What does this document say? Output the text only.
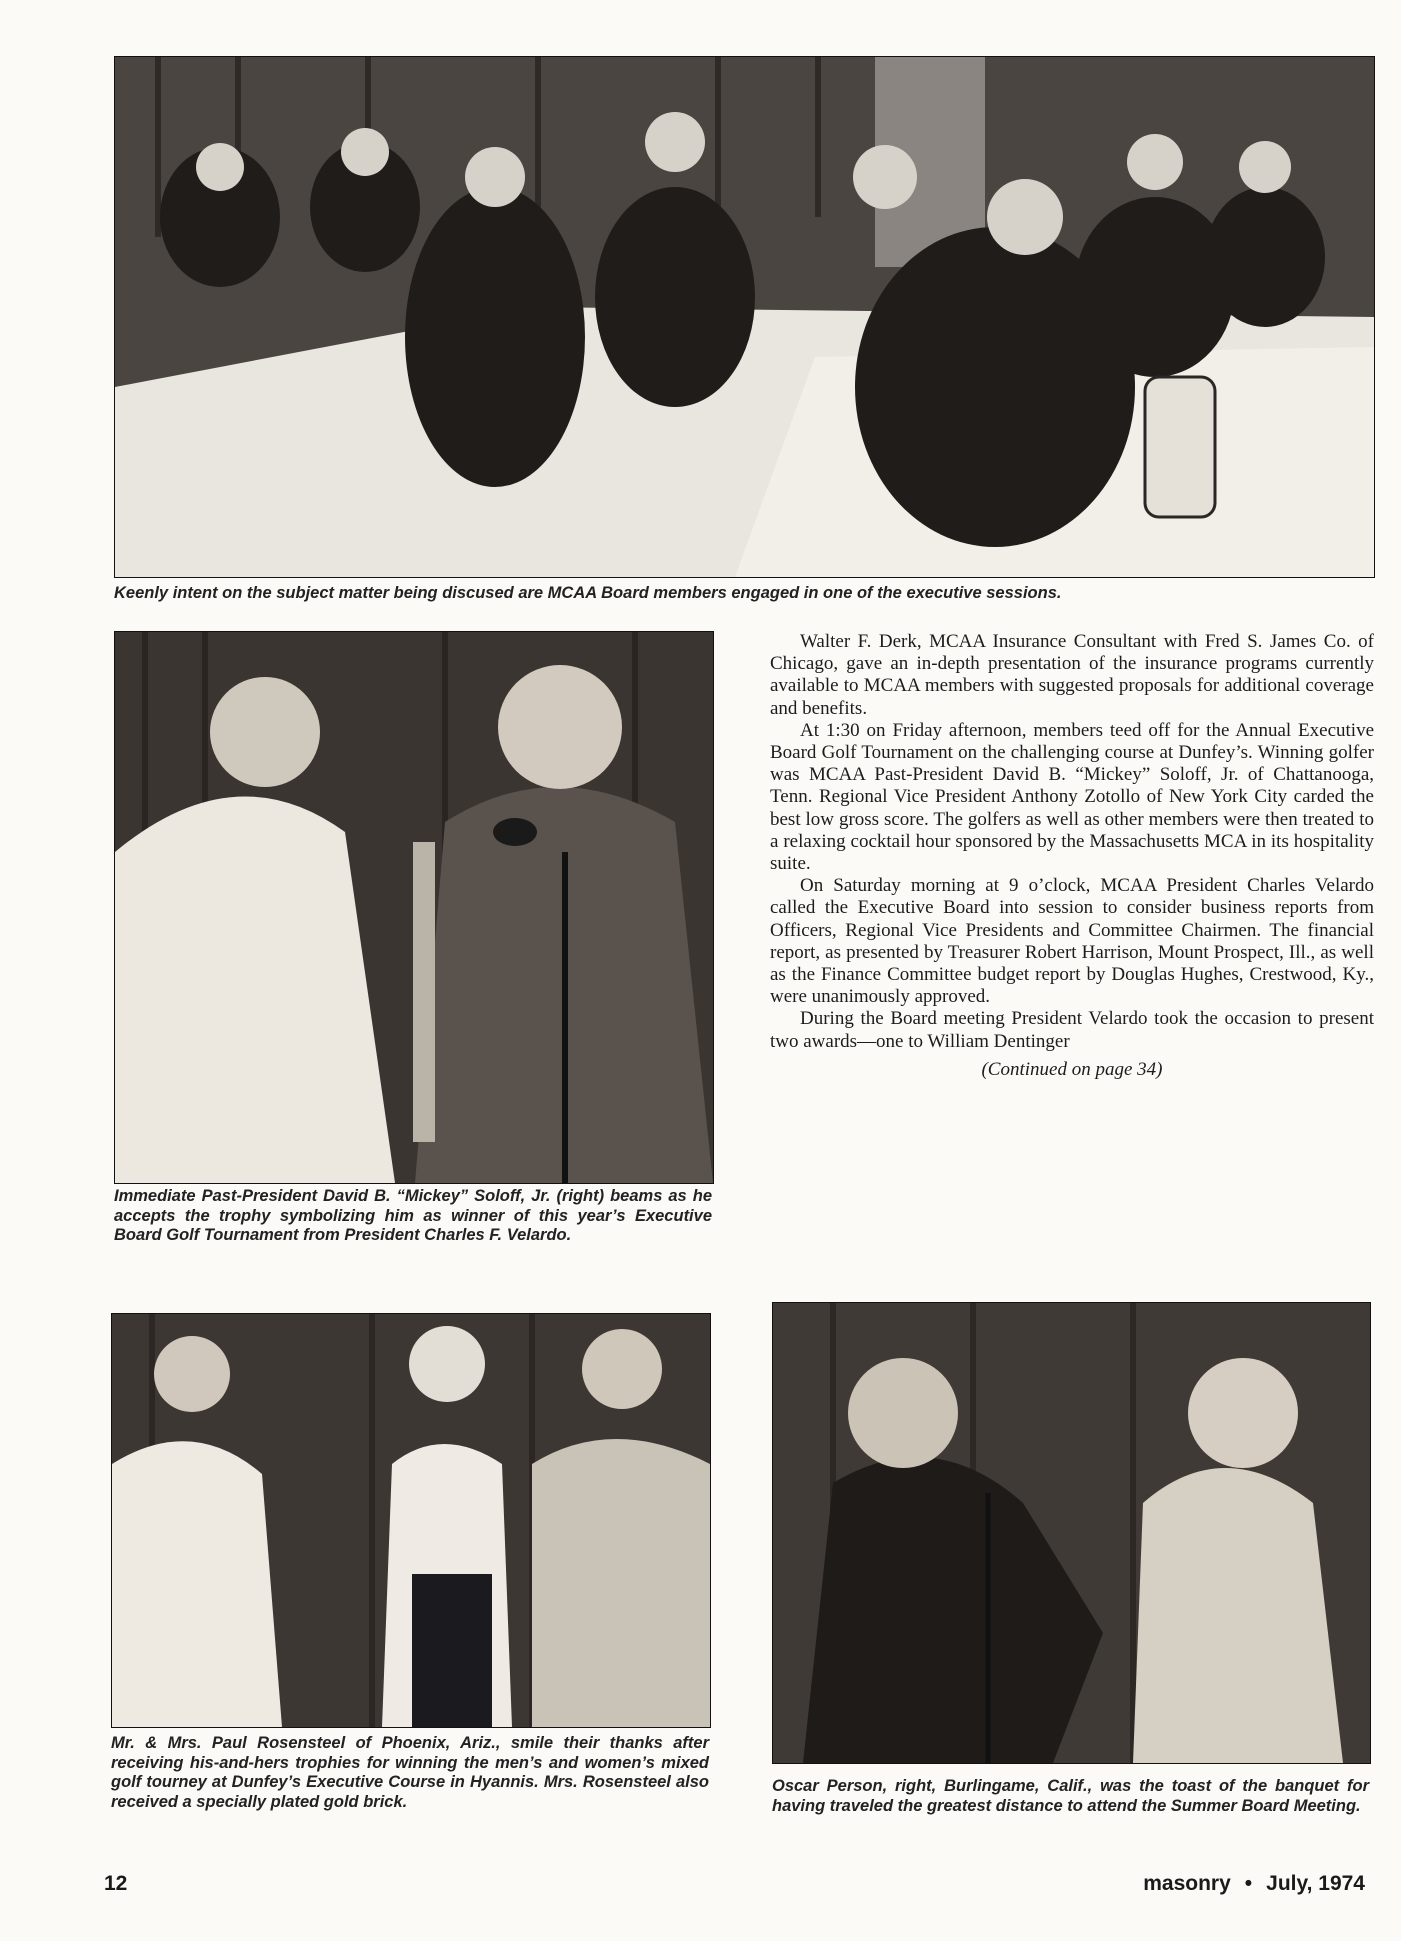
Keenly intent on the subject matter being discused are MCAA Board members engaged in one of the executive sessions.
Immediate Past-President David B. “Mickey” Soloff, Jr. (right) beams as he accepts the trophy symbolizing him as winner of this year’s Executive Board Golf Tournament from President Charles F. Velardo.

Walter F. Derk, MCAA Insurance Consultant with Fred S. James Co. of Chicago, gave an in-depth presentation of the insurance programs currently available to MCAA members with suggested proposals for additional coverage and benefits.

At 1:30 on Friday afternoon, members teed off for the Annual Executive Board Golf Tournament on the challenging course at Dunfey’s. Winning golfer was MCAA Past-President David B. “Mickey” Soloff, Jr. of Chattanooga, Tenn. Regional Vice President Anthony Zotollo of New York City carded the best low gross score. The golfers as well as other members were then treated to a relaxing cocktail hour sponsored by the Massachusetts MCA in its hospitality suite.

On Saturday morning at 9 o’clock, MCAA President Charles Velardo called the Executive Board into session to consider business reports from Officers, Regional Vice Presidents and Committee Chairmen. The financial report, as presented by Treasurer Robert Harrison, Mount Prospect, Ill., as well as the Finance Committee budget report by Douglas Hughes, Crestwood, Ky., were unanimously approved.

During the Board meeting President Velardo took the occasion to present two awards—one to William Dentinger

(Continued on page 34)

Mr. & Mrs. Paul Rosensteel of Phoenix, Ariz., smile their thanks after receiving his-and-hers trophies for winning the men’s and women’s mixed golf tourney at Dunfey’s Executive Course in Hyannis. Mrs. Rosensteel also received a specially plated gold brick.
Oscar Person, right, Burlingame, Calif., was the toast of the banquet for having traveled the greatest distance to attend the Summer Board Meeting.
12	masonry • July, 1974
